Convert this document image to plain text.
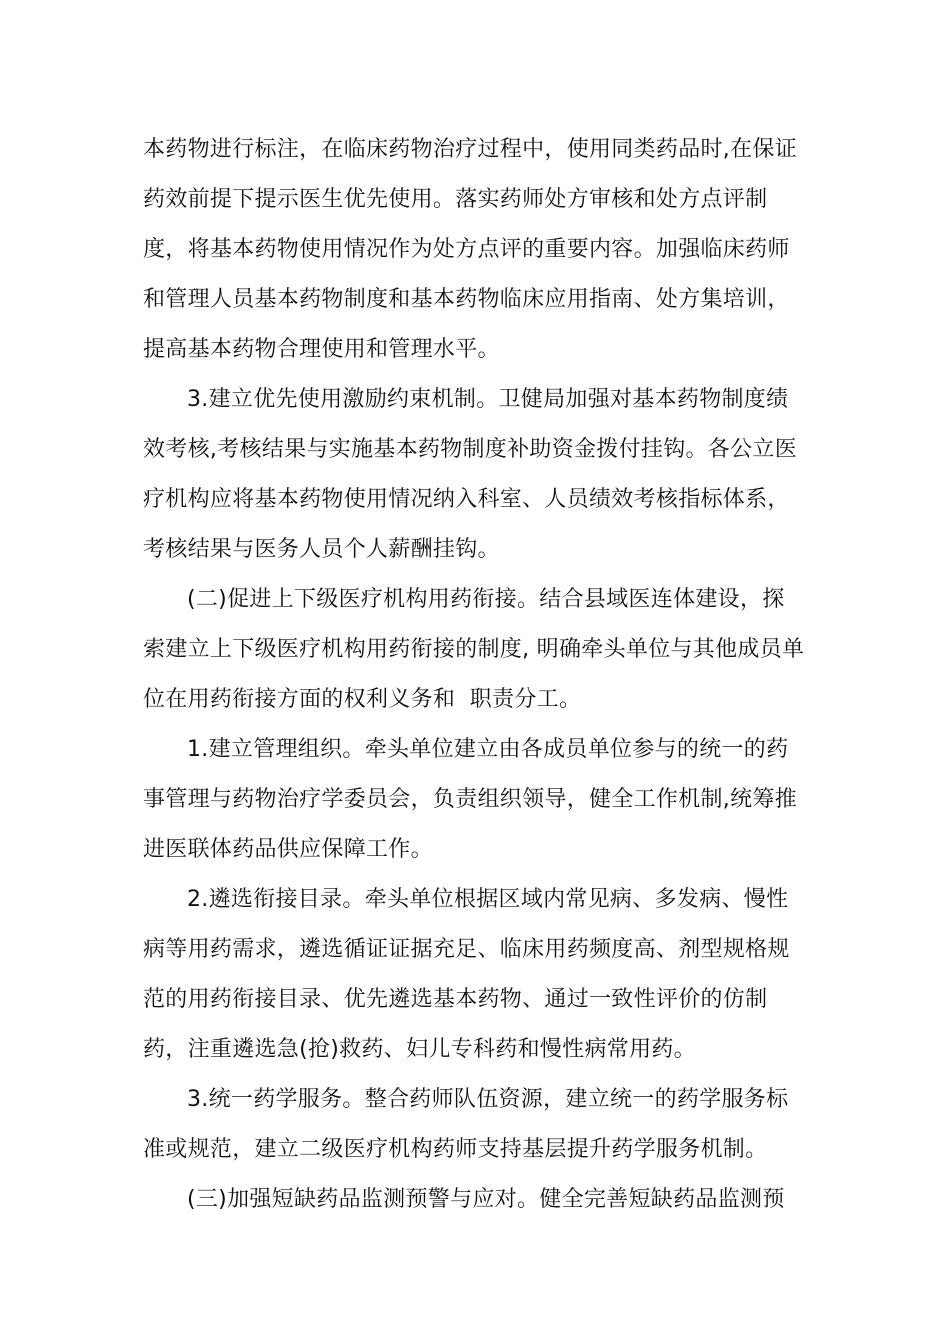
本药物进行标注，在临床药物治疗过程中，使用同类药品时,在保证
药效前提下提示医生优先使用。落实药师处方审核和处方点评制
度，将基本药物使用情况作为处方点评的重要内容。加强临床药师
和管理人员基本药物制度和基本药物临床应用指南、处方集培训，
提高基本药物合理使用和管理水平。
3.建立优先使用激励约束机制。卫健局加强对基本药物制度绩
效考核,考核结果与实施基本药物制度补助资金拨付挂钩。各公立医
疗机构应将基本药物使用情况纳入科室、人员绩效考核指标体系，
考核结果与医务人员个人薪酬挂钩。
(二)促进上下级医疗机构用药衔接。结合县域医连体建设，探
索建立上下级医疗机构用药衔接的制度, 明确牵头单位与其他成员单
位在用药衔接方面的权利义务和  职责分工。
1.建立管理组织。牵头单位建立由各成员单位参与的统一的药
事管理与药物治疗学委员会，负责组织领导，健全工作机制,统筹推
进医联体药品供应保障工作。
2.遴选衔接目录。牵头单位根据区域内常见病、多发病、慢性
病等用药需求，遴选循证证据充足、临床用药频度高、剂型规格规
范的用药衔接目录、优先遴选基本药物、通过一致性评价的仿制
药，注重遴选急(抢)救药、妇儿专科药和慢性病常用药。
3.统一药学服务。整合药师队伍资源，建立统一的药学服务标
准或规范，建立二级医疗机构药师支持基层提升药学服务机制。
(三)加强短缺药品监测预警与应对。健全完善短缺药品监测预
